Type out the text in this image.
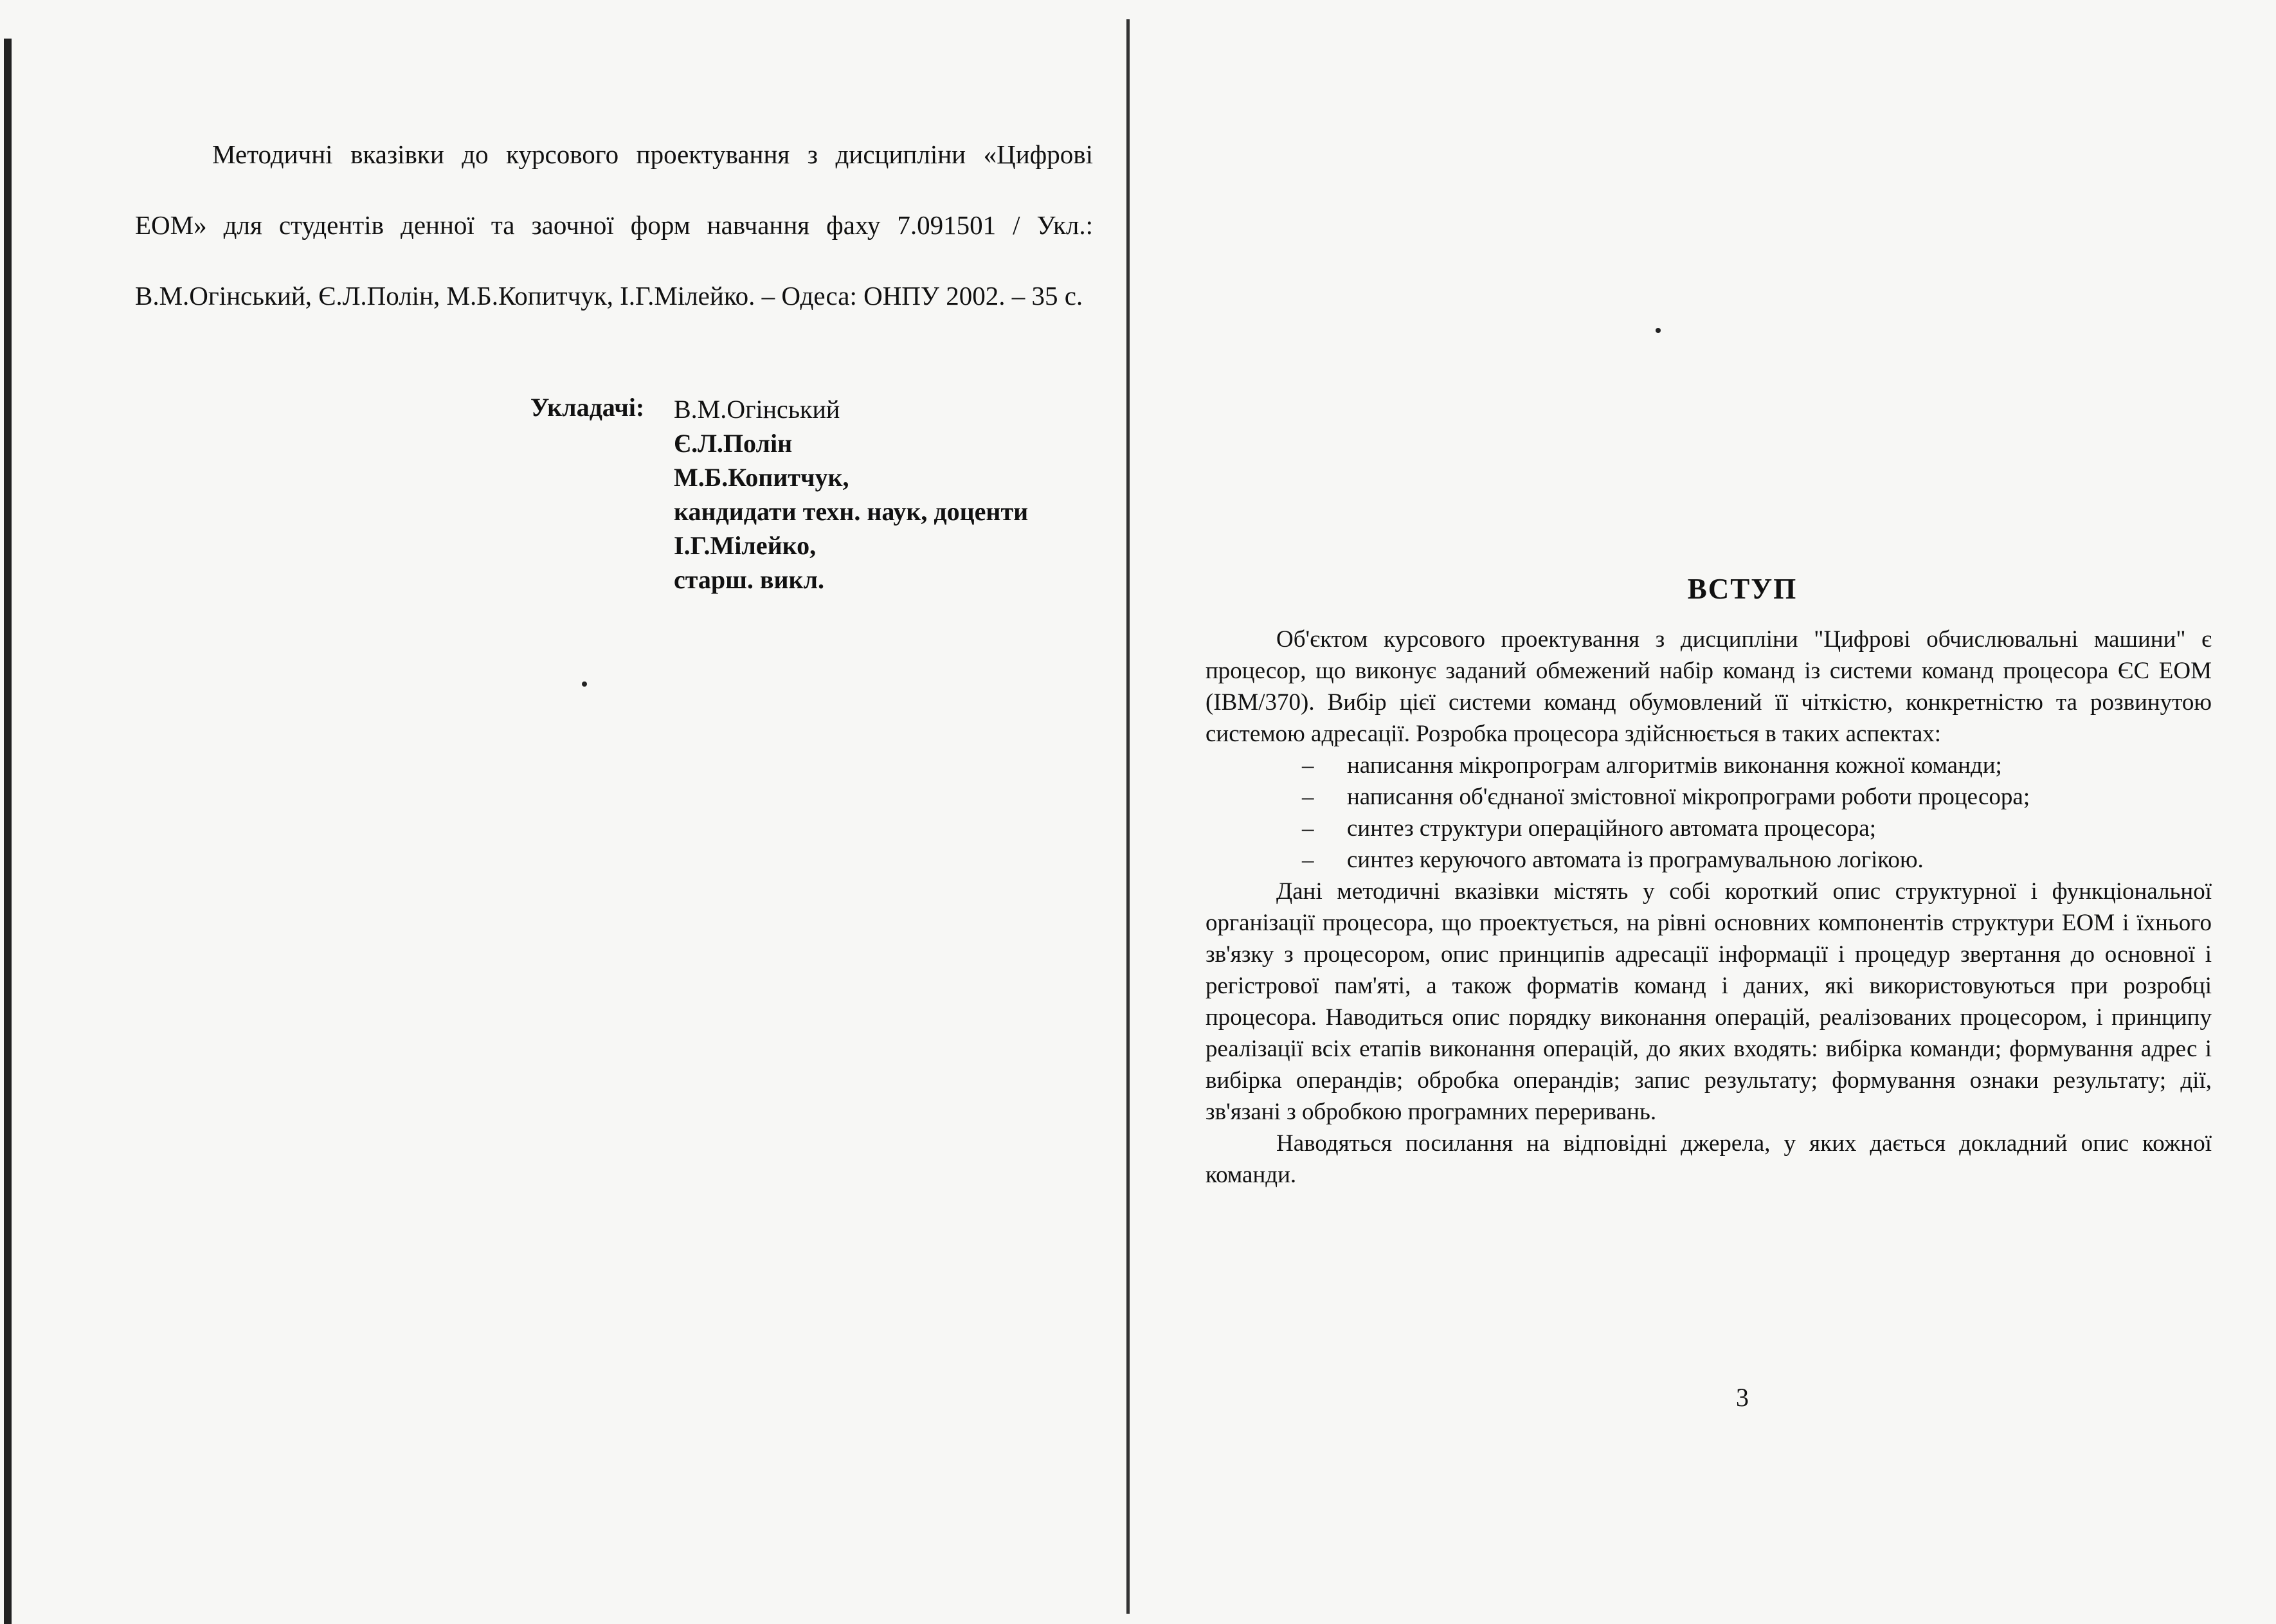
Методичні вказівки до курсового проектування з дисципліни «Цифрові ЕОМ» для студентів денної та заочної форм навчання фаху 7.091501 / Укл.: В.М.Огінський, Є.Л.Полін, М.Б.Копитчук, І.Г.Мілейко. – Одеса: ОНПУ 2002. – 35 с.

Укладачі: В.М.Огінський
Є.Л.Полін
М.Б.Копитчук,
кандидати техн. наук, доценти
І.Г.Мілейко,
старш. викл.	ВСТУП

Об'єктом курсового проектування з дисципліни "Цифрові обчислювальні машини" є процесор, що виконує заданий обмежений набір команд із системи команд процесора ЄС ЕОМ (IBM/370). Вибір цієї системи команд обумовлений її чіткістю, конкретністю та розвинутою системою адресації. Розробка процесора здійснюється в таких аспектах:

– написання мікропрограм алгоритмів виконання кожної команди;
– написання об'єднаної змістовної мікропрограми роботи процесора;
– синтез структури операційного автомата процесора;
– синтез керуючого автомата із програмувальною логікою.

Дані методичні вказівки містять у собі короткий опис структурної і функціональної організації процесора, що проектується, на рівні основних компонентів структури ЕОМ і їхнього зв'язку з процесором, опис принципів адресації інформації і процедур звертання до основної і регістрової пам'яті, а також форматів команд і даних, які використовуються при розробці процесора. Наводиться опис порядку виконання операцій, реалізованих процесором, і принципу реалізації всіх етапів виконання операцій, до яких входять: вибірка команди; формування адрес і вибірка операндів; обробка операндів; запис результату; формування ознаки результату; дії, зв'язані з обробкою програмних переривань.

Наводяться посилання на відповідні джерела, у яких дається докладний опис кожної команди.

3
